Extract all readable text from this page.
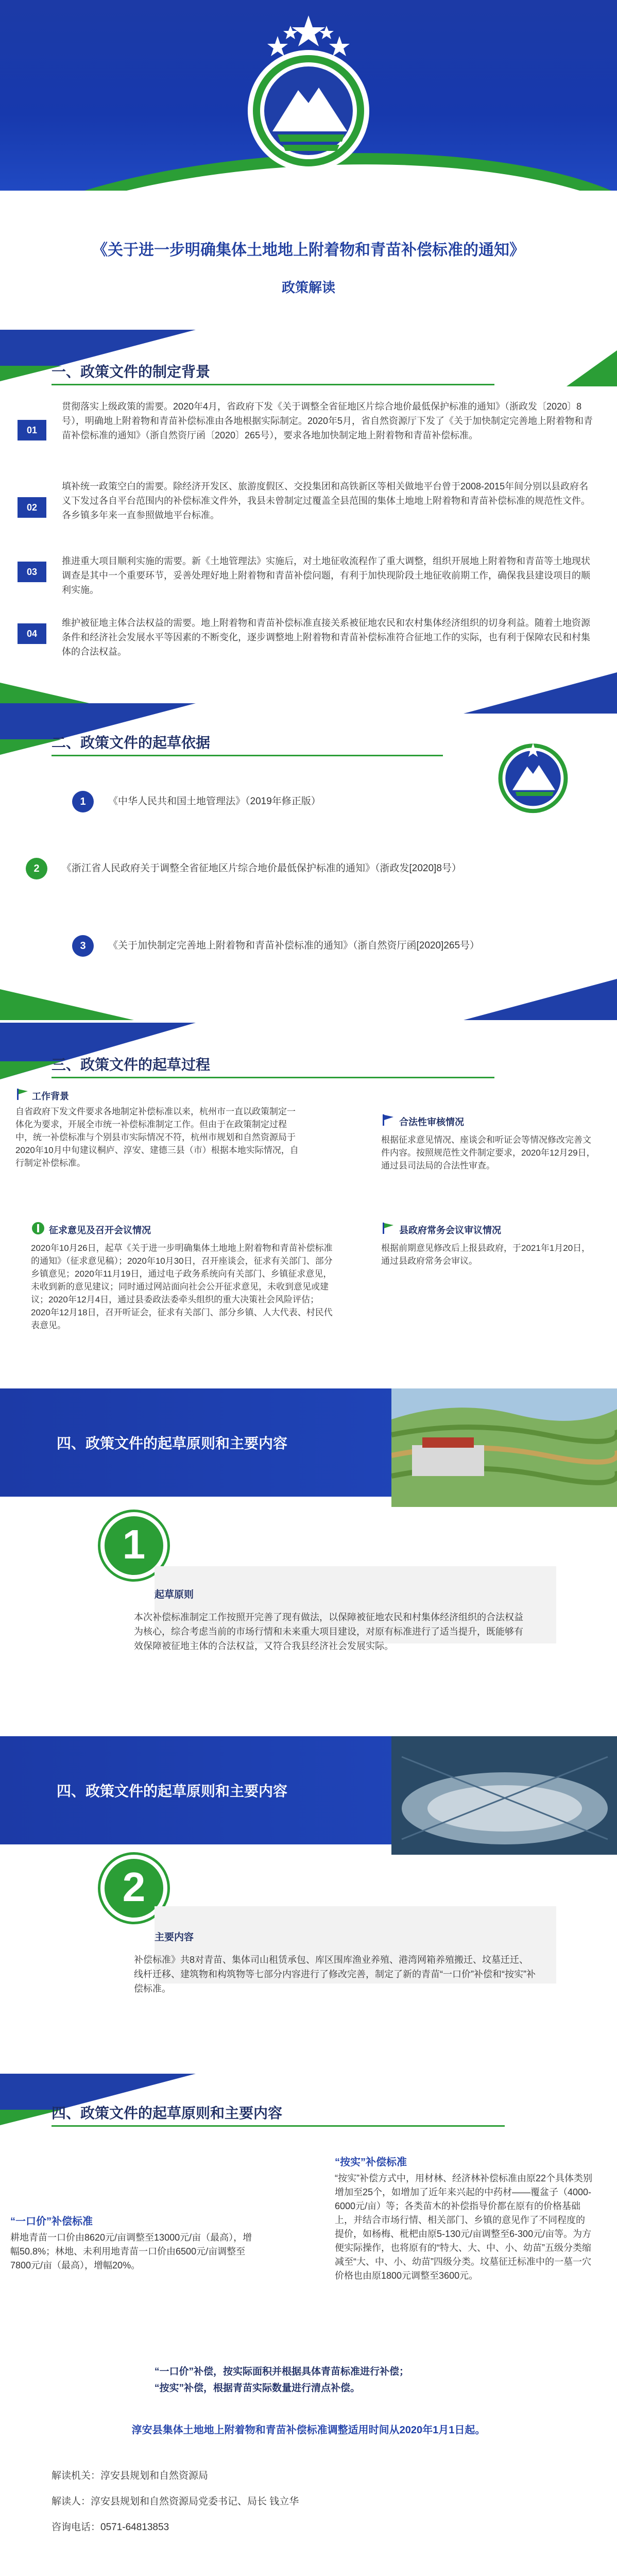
《关于进一步明确集体土地地上附着物和青苗补偿标准的通知》
政策解读
一、政策文件的制定背景
01
贯彻落实上级政策的需要。2020年4月，省政府下发《关于调整全省征地区片综合地价最低保护标准的通知》（浙政发〔2020〕8号），明确地上附着物和青苗补偿标准由各地根据实际制定。2020年5月，省自然资源厅下发了《关于加快制定完善地上附着物和青苗补偿标准的通知》（浙自然资厅函〔2020〕265号），要求各地加快制定地上附着物和青苗补偿标准。
02
填补统一政策空白的需要。除经济开发区、旅游度假区、交投集团和高铁新区等相关做地平台曾于2008-2015年间分别以县政府名义下发过各自平台范围内的补偿标准文件外，我县未曾制定过覆盖全县范围的集体土地地上附着物和青苗补偿标准的规范性文件。各乡镇多年来一直参照做地平台标准。
03
推进重大项目顺利实施的需要。新《土地管理法》实施后，对土地征收流程作了重大调整，组织开展地上附着物和青苗等土地现状调查是其中一个重要环节，妥善处理好地上附着物和青苗补偿问题，有利于加快现阶段土地征收前期工作，确保我县建设项目的顺利实施。
04
维护被征地主体合法权益的需要。地上附着物和青苗补偿标准直接关系被征地农民和农村集体经济组织的切身利益。随着土地资源条件和经济社会发展水平等因素的不断变化，逐步调整地上附着物和青苗补偿标准符合征地工作的实际，也有利于保障农民和村集体的合法权益。
二、政策文件的起草依据
1	《中华人民共和国土地管理法》（2019年修正版）
2	《浙江省人民政府关于调整全省征地区片综合地价最低保护标准的通知》（浙政发[2020]8号）
3	《关于加快制定完善地上附着物和青苗补偿标准的通知》（浙自然资厅函[2020]265号）
三、政策文件的起草过程
工作背景
自省政府下发文件要求各地制定补偿标准以来，杭州市一直以政策制定一体化为要求，开展全市统一补偿标准制定工作。但由于在政策制定过程中，统一补偿标准与个别县市实际情况不符，杭州市规划和自然资源局于2020年10月中旬建议桐庐、淳安、建德三县（市）根据本地实际情况，自行制定补偿标准。
合法性审核情况
根据征求意见情况、座谈会和听证会等情况修改完善文件内容。按照规范性文件制定要求，2020年12月29日，通过县司法局的合法性审查。
征求意见及召开会议情况
2020年10月26日，起草《关于进一步明确集体土地地上附着物和青苗补偿标准的通知》（征求意见稿）；2020年10月30日，召开座谈会，征求有关部门、部分乡镇意见；2020年11月19日，通过电子政务系统向有关部门、乡镇征求意见，未收到新的意见建议；同时通过网站面向社会公开征求意见，未收到意见或建议；2020年12月4日，通过县委政法委牵头组织的重大决策社会风险评估；2020年12月18日，召开听证会，征求有关部门、部分乡镇、人大代表、村民代表意见。
县政府常务会议审议情况
根据前期意见修改后上报县政府，于2021年1月20日，通过县政府常务会审议。
四、政策文件的起草原则和主要内容
1
起草原则
本次补偿标准制定工作按照开完善了现有做法，以保障被征地农民和村集体经济组织的合法权益为核心，综合考虑当前的市场行情和未来重大项目建设，对原有标准进行了适当提升，既能够有效保障被征地主体的合法权益，又符合我县经济社会发展实际。
四、政策文件的起草原则和主要内容
2
主要内容
补偿标准》共8对青苗、集体司山租赁承包、库区围库渔业养殖、港湾网箱养殖搬迁、坟墓迁迁、线杆迁移、建筑物和构筑物等七部分内容进行了修改完善，制定了新的青苗“一口价”补偿和“按实”补偿标准。
四、政策文件的起草原则和主要内容
“按实”补偿标准
“按实”补偿方式中，用材林、经济林补偿标准由原22个具体类别增加至25个，如增加了近年来兴起的中药材——覆盆子（4000-6000元/亩）等；各类苗木的补偿指导价都在原有的价格基础上，并结合市场行情、相关部门、乡镇的意见作了不同程度的提价，如杨梅、枇杷由原5-130元/亩调整至6-300元/亩等。为方便实际操作，也将原有的“特大、大、中、小、幼苗”五级分类缩减至“大、中、小、幼苗”四级分类。坟墓征迁标准中的一墓一穴价格也由原1800元调整至3600元。
“一口价”补偿标准
耕地青苗一口价由8620元/亩调整至13000元/亩（最高），增幅50.8%；林地、未利用地青苗一口价由6500元/亩调整至7800元/亩（最高），增幅20%。
“一口价”补偿，按实际面积并根据具体青苗标准进行补偿；
“按实”补偿，根据青苗实际数量进行清点补偿。
淳安县集体土地地上附着物和青苗补偿标准调整适用时间从2020年1月1日起。
解读机关：淳安县规划和自然资源局
解读人：淳安县规划和自然资源局党委书记、局长 钱立华
咨询电话：0571-64813853
